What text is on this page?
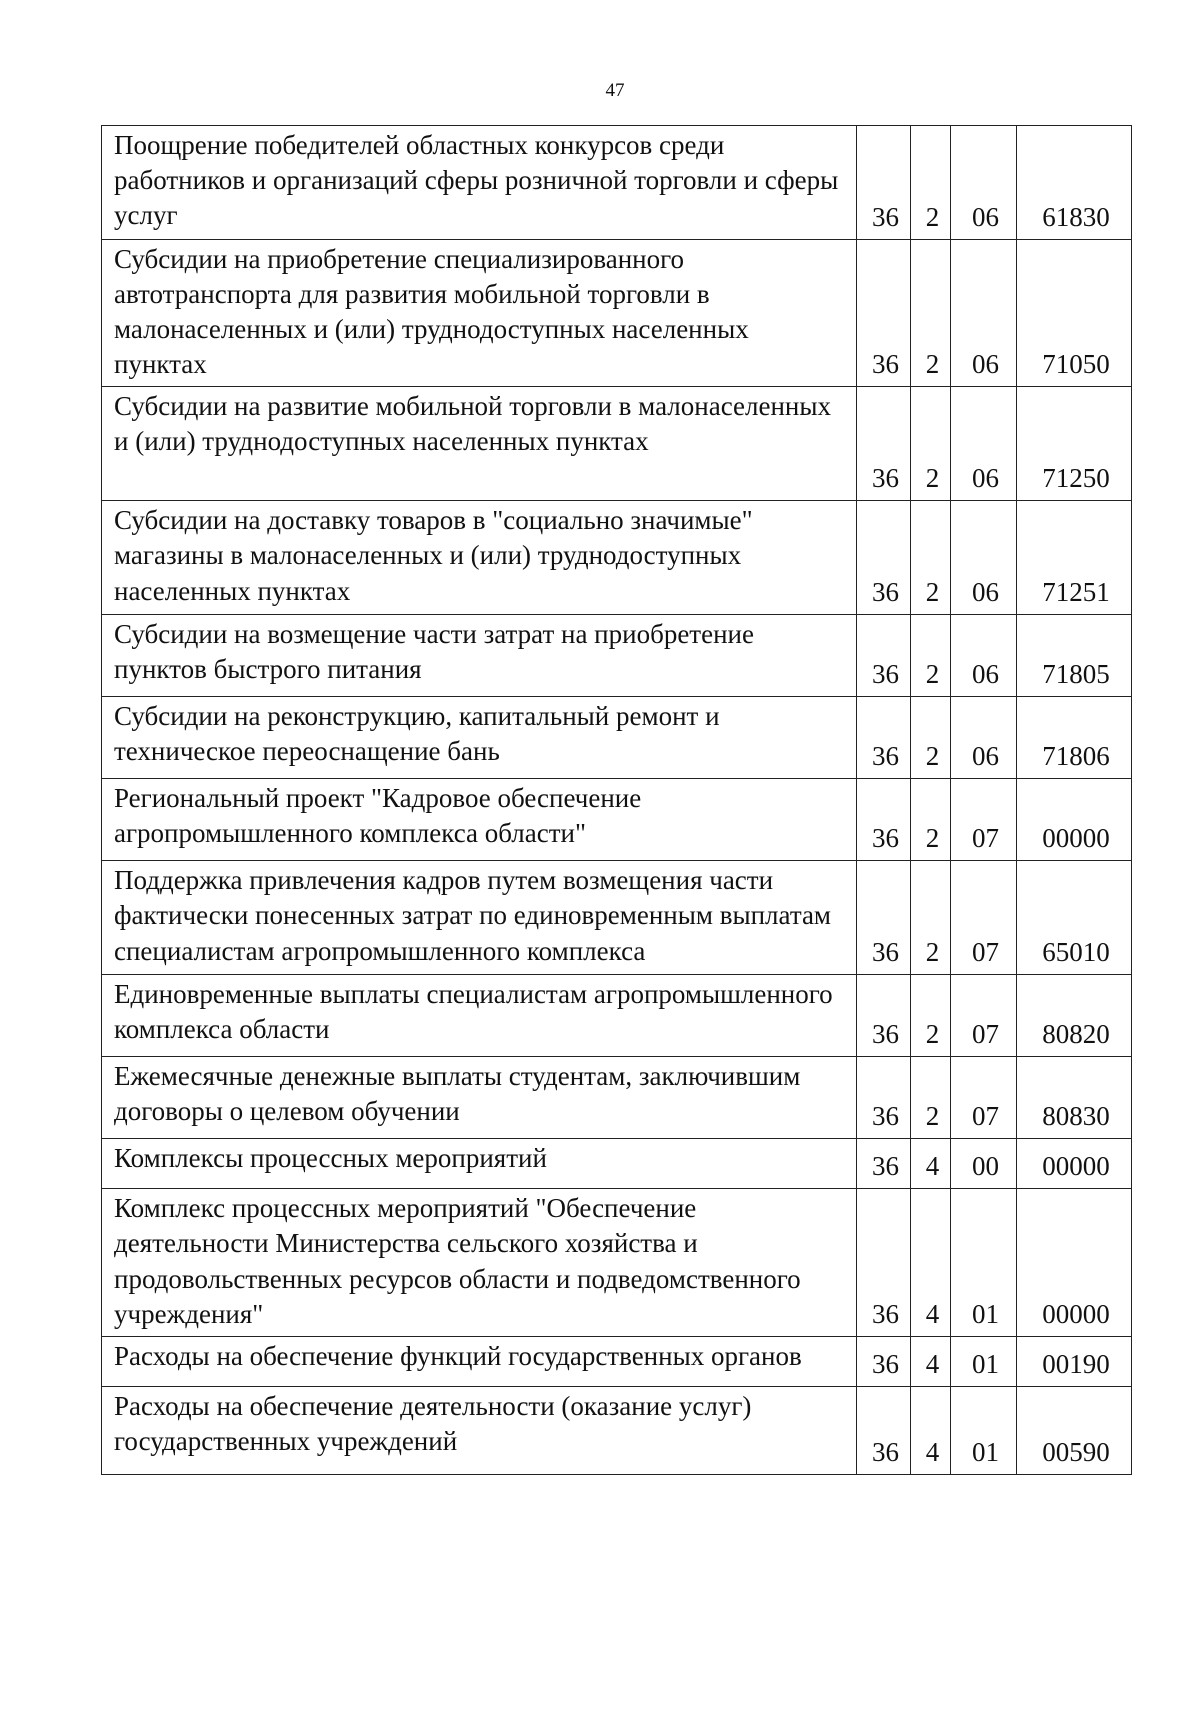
47
Поощрение победителей областных конкурсов среди работников и организаций сферы розничной торговли и сферы услуг	36	2	06	61830
Субсидии на приобретение специализированного автотранспорта для развития мобильной торговли в малонаселенных и (или) труднодоступных населенных пунктах	36	2	06	71050
Субсидии на развитие мобильной торговли в малонаселенных и (или) труднодоступных населенных пунктах	36	2	06	71250
Субсидии на доставку товаров в "социально значимые" магазины в малонаселенных и (или) труднодоступных населенных пунктах	36	2	06	71251
Субсидии на возмещение части затрат на приобретение пунктов быстрого питания	36	2	06	71805
Субсидии на реконструкцию, капитальный ремонт и техническое переоснащение бань	36	2	06	71806
Региональный проект "Кадровое обеспечение агропромышленного комплекса области"	36	2	07	00000
Поддержка привлечения кадров путем возмещения части фактически понесенных затрат по единовременным выплатам специалистам агропромышленного комплекса	36	2	07	65010
Единовременные выплаты специалистам агропромышленного комплекса области	36	2	07	80820
Ежемесячные денежные выплаты студентам, заключившим договоры о целевом обучении	36	2	07	80830
Комплексы процессных мероприятий	36	4	00	00000
Комплекс процессных мероприятий "Обеспечение деятельности Министерства сельского хозяйства и продовольственных ресурсов области и подведомственного учреждения"	36	4	01	00000
Расходы на обеспечение функций государственных органов	36	4	01	00190
Расходы на обеспечение деятельности (оказание услуг) государственных учреждений	36	4	01	00590
